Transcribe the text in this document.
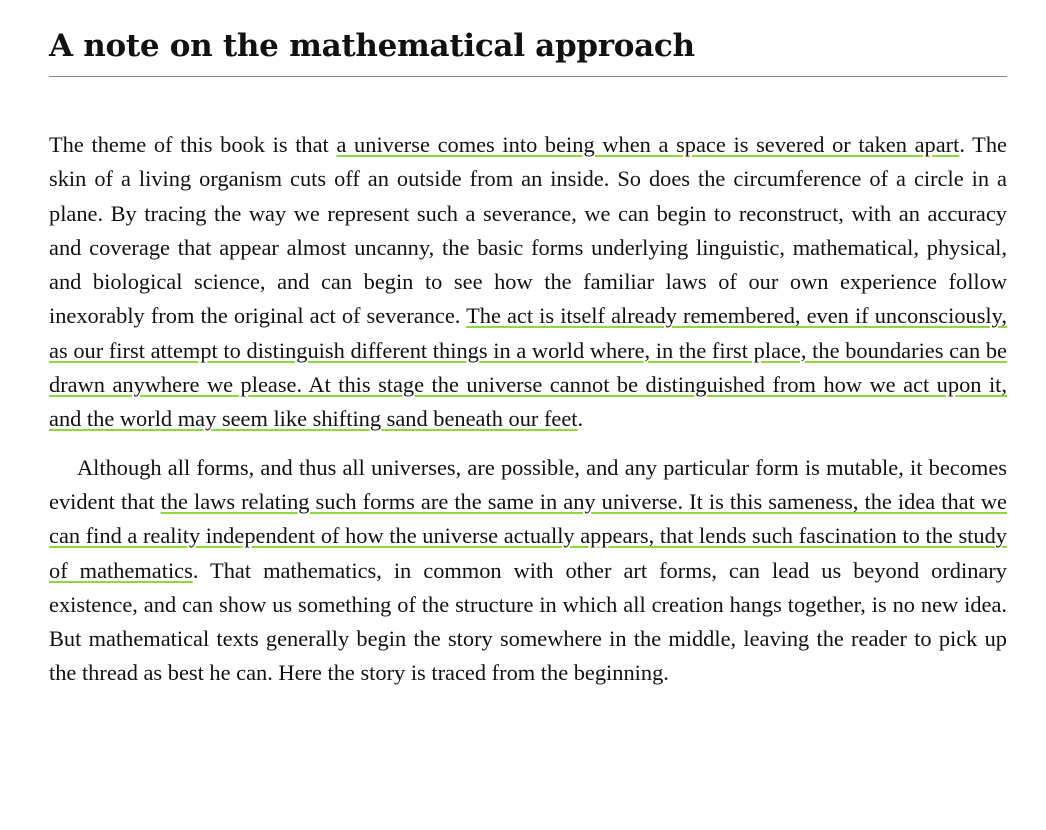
A note on the mathematical approach

The theme of this book is that a universe comes into being when a space is severed or taken apart. The skin of a living organism cuts off an outside from an inside. So does the circumference of a circle in a plane. By tracing the way we represent such a severance, we can begin to reconstruct, with an accuracy and coverage that appear almost uncanny, the basic forms underlying linguistic, mathematical, physical, and biological science, and can begin to see how the familiar laws of our own experience follow inexorably from the original act of severance. The act is itself already remembered, even if unconsciously, as our first attempt to distinguish different things in a world where, in the first place, the boundaries can be drawn anywhere we please. At this stage the universe cannot be distinguished from how we act upon it, and the world may seem like shifting sand beneath our feet.

Although all forms, and thus all universes, are possible, and any particular form is mutable, it becomes evident that the laws relating such forms are the same in any universe. It is this sameness, the idea that we can find a reality independent of how the universe actually appears, that lends such fascination to the study of mathematics. That mathematics, in common with other art forms, can lead us beyond ordinary existence, and can show us something of the structure in which all creation hangs together, is no new idea. But mathematical texts generally begin the story somewhere in the middle, leaving the reader to pick up the thread as best he can. Here the story is traced from the beginning.
